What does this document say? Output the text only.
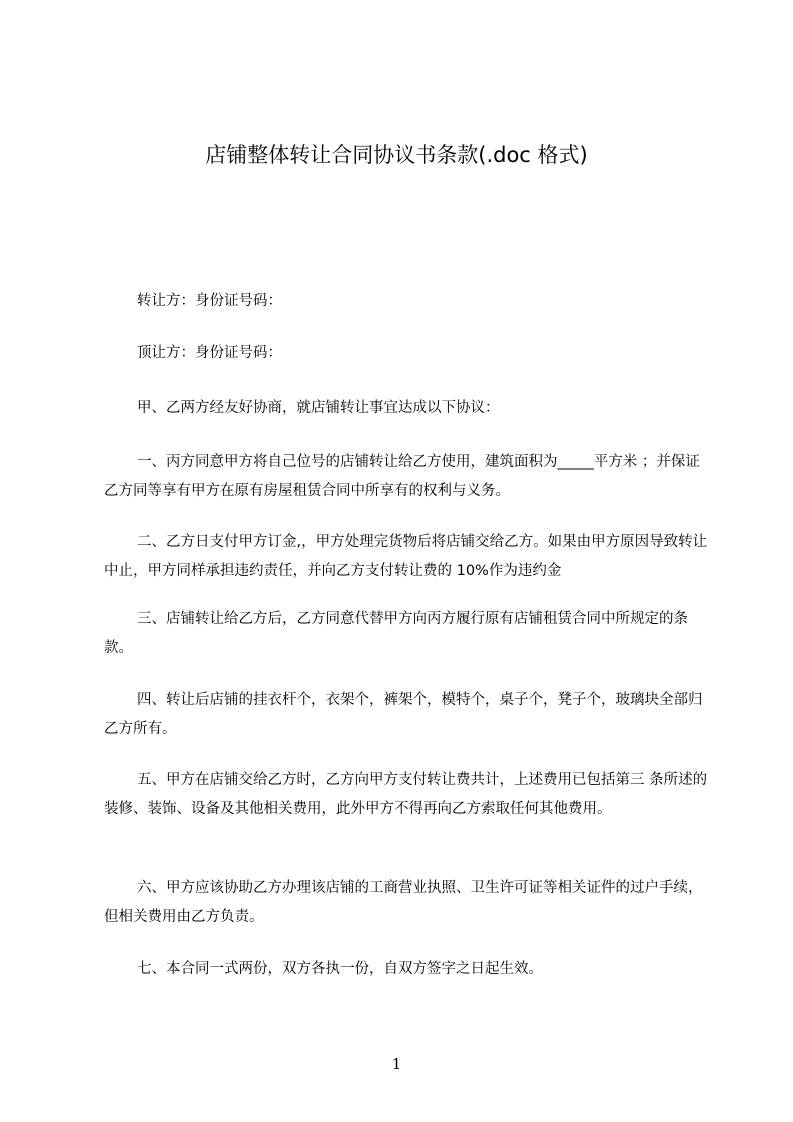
店铺整体转让合同协议书条款(.doc 格式)

转让方：身份证号码：

顶让方：身份证号码：

甲、乙两方经友好协商，就店铺转让事宜达成以下协议：

一、丙方同意甲方将自己位号的店铺转让给乙方使用，建筑面积为_____平方米 ；并保证乙方同等享有甲方在原有房屋租赁合同中所享有的权利与义务。

二、乙方日支付甲方订金,，甲方处理完货物后将店铺交给乙方。如果由甲方原因导致转让中止，甲方同样承担违约责任，并向乙方支付转让费的 10%作为违约金

三、店铺转让给乙方后，乙方同意代替甲方向丙方履行原有店铺租赁合同中所规定的条款。

四、转让后店铺的挂衣杆个，衣架个，裤架个，模特个，桌子个，凳子个，玻璃块全部归乙方所有。

五、甲方在店铺交给乙方时，乙方向甲方支付转让费共计，上述费用已包括第三 条所述的装修、装饰、设备及其他相关费用，此外甲方不得再向乙方索取任何其他费用。

六、甲方应该协助乙方办理该店铺的工商营业执照、卫生许可证等相关证件的过户手续，但相关费用由乙方负责。

七、本合同一式两份，双方各执一份，自双方签字之日起生效。

1
